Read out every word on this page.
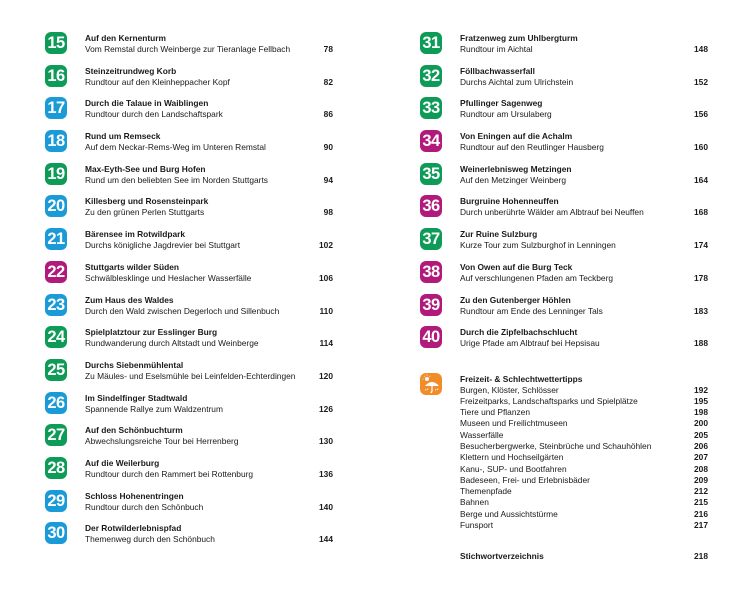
15 Auf den Kernenturm
Vom Remstal durch Weinberge zur Tieranlage Fellbach	78
16 Steinzeitrundweg Korb
Rundtour auf den Kleinheppacher Kopf	82
17 Durch die Talaue in Waiblingen
Rundtour durch den Landschaftspark	86
18 Rund um Remseck
Auf dem Neckar-Rems-Weg im Unteren Remstal	90
19 Max-Eyth-See und Burg Hofen
Rund um den beliebten See im Norden Stuttgarts	94
20 Killesberg und Rosensteinpark
Zu den grünen Perlen Stuttgarts	98
21 Bärensee im Rotwildpark
Durchs königliche Jagdrevier bei Stuttgart	102
22 Stuttgarts wilder Süden
Schwälblesklinge und Heslacher Wasserfälle	106
23 Zum Haus des Waldes
Durch den Wald zwischen Degerloch und Sillenbuch	110
24 Spielplatztour zur Esslinger Burg
Rundwanderung durch Altstadt und Weinberge	114
25 Durchs Siebenmühlental
Zu Mäules- und Eselsmühle bei Leinfelden-Echterdingen	120
26 Im Sindelfinger Stadtwald
Spannende Rallye zum Waldzentrum	126
27 Auf den Schönbuchturm
Abwechslungsreiche Tour bei Herrenberg	130
28 Auf die Weilerburg
Rundtour durch den Rammert bei Rottenburg	136
29 Schloss Hohenentringen
Rundtour durch den Schönbuch	140
30 Der Rotwilderlebnispfad
Themenweg durch den Schönbuch	144
31 Fratzenweg zum Uhlbergturm
Rundtour im Aichtal	148
32 Föllbachwasserfall
Durchs Aichtal zum Ulrichstein	152
33 Pfullinger Sagenweg
Rundtour am Ursulaberg	156
34 Von Eningen auf die Achalm
Rundtour auf den Reutlinger Hausberg	160
35 Weinerlebnisweg Metzingen
Auf den Metzinger Weinberg	164
36 Burgruine Hohenneuffen
Durch unberührte Wälder am Albtrauf bei Neuffen	168
37 Zur Ruine Sulzburg
Kurze Tour zum Sulzburghof in Lenningen	174
38 Von Owen auf die Burg Teck
Auf verschlungenen Pfaden am Teckberg	178
39 Zu den Gutenberger Höhlen
Rundtour am Ende des Lenninger Tals	183
40 Durch die Zipfelbachschlucht
Urige Pfade am Albtrauf bei Hepsisau	188
Freizeit- & Schlechtwettertipps
Burgen, Klöster, Schlösser	192
Freizeitparks, Landschaftsparks und Spielplätze	195
Tiere und Pflanzen	198
Museen und Freilichtmuseen	200
Wasserfälle	205
Besucherbergwerke, Steinbrüche und Schauhöhlen	206
Klettern und Hochseilgärten	207
Kanu-, SUP- und Bootfahren	208
Badeseen, Frei- und Erlebnisbäder	209
Themenpfade	212
Bahnen	215
Berge und Aussichtstürme	216
Funsport	217
Stichwortverzeichnis	218
